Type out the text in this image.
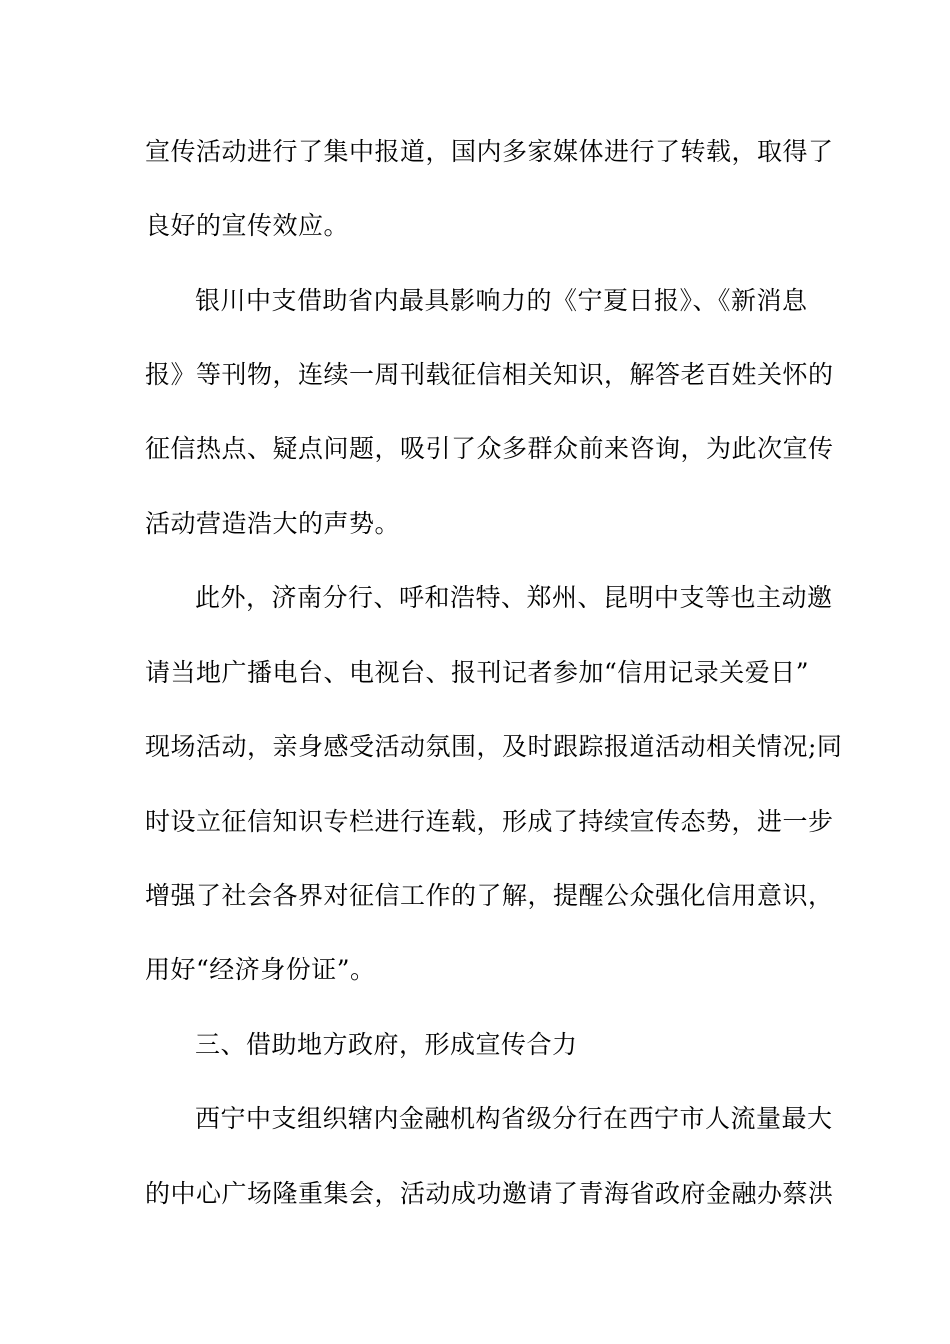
宣传活动进行了集中报道，国内多家媒体进行了转载，取得了
良好的宣传效应。
银川中支借助省内最具影响力的《宁夏日报》、《新消息
报》等刊物，连续一周刊载征信相关知识，解答老百姓关怀的
征信热点、疑点问题，吸引了众多群众前来咨询，为此次宣传
活动营造浩大的声势。
此外，济南分行、呼和浩特、郑州、昆明中支等也主动邀
请当地广播电台、电视台、报刊记者参加“信用记录关爱日”
现场活动，亲身感受活动氛围，及时跟踪报道活动相关情况;同
时设立征信知识专栏进行连载，形成了持续宣传态势，进一步
增强了社会各界对征信工作的了解，提醒公众强化信用意识，
用好“经济身份证”。
三、借助地方政府，形成宣传合力
西宁中支组织辖内金融机构省级分行在西宁市人流量最大
的中心广场隆重集会，活动成功邀请了青海省政府金融办蔡洪
